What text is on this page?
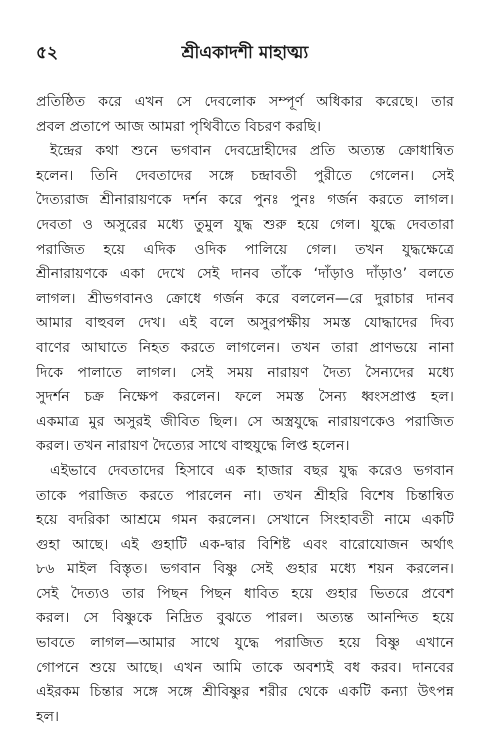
৫২	শ্রীএকাদশী মাহাত্ম্য
প্রতিষ্ঠিত করে এখন সে দেবলোক সম্পূর্ণ অধিকার করেছে। তার
প্রবল প্রতাপে আজ আমরা পৃথিবীতে বিচরণ করছি।
ইন্দ্রের কথা শুনে ভগবান দেবদ্রোহীদের প্রতি অত্যন্ত ক্রোধান্বিত
হলেন। তিনি দেবতাদের সঙ্গে চন্দ্রাবতী পুরীতে গেলেন। সেই
দৈত্যরাজ শ্রীনারায়ণকে দর্শন করে পুনঃ পুনঃ গর্জন করতে লাগল।
দেবতা ও অসুরের মধ্যে তুমুল যুদ্ধ শুরু হয়ে গেল। যুদ্ধে দেবতারা
পরাজিত হয়ে এদিক ওদিক পালিয়ে গেল। তখন যুদ্ধক্ষেত্রে
শ্রীনারায়ণকে একা দেখে সেই দানব তাঁকে ‘দাঁড়াও দাঁড়াও’ বলতে
লাগল। শ্রীভগবানও ক্রোধে গর্জন করে বললেন—রে দুরাচার দানব
আমার বাহুবল দেখ। এই বলে অসুরপক্ষীয় সমস্ত যোদ্ধাদের দিব্য
বাণের আঘাতে নিহত করতে লাগলেন। তখন তারা প্রাণভয়ে নানা
দিকে পালাতে লাগল। সেই সময় নারায়ণ দৈত্য সৈন্যদের মধ্যে
সুদর্শন চক্র নিক্ষেপ করলেন। ফলে সমস্ত সৈন্য ধ্বংসপ্রাপ্ত হল।
একমাত্র মুর অসুরই জীবিত ছিল। সে অস্ত্রযুদ্ধে নারায়ণকেও পরাজিত
করল। তখন নারায়ণ দৈত্যের সাথে বাহুযুদ্ধে লিপ্ত হলেন।
এইভাবে দেবতাদের হিসাবে এক হাজার বছর যুদ্ধ করেও ভগবান
তাকে পরাজিত করতে পারলেন না। তখন শ্রীহরি বিশেষ চিন্তান্বিত
হয়ে বদরিকা আশ্রমে গমন করলেন। সেখানে সিংহাবতী নামে একটি
গুহা আছে। এই গুহাটি এক-দ্বার বিশিষ্ট এবং বারোযোজন অর্থাৎ
৮৬ মাইল বিস্তৃত। ভগবান বিষ্ণু সেই গুহার মধ্যে শয়ন করলেন।
সেই দৈত্যও তার পিছন পিছন ধাবিত হয়ে গুহার ভিতরে প্রবেশ
করল। সে বিষ্ণুকে নিদ্রিত বুঝতে পারল। অত্যন্ত আনন্দিত হয়ে
ভাবতে লাগল—আমার সাথে যুদ্ধে পরাজিত হয়ে বিষ্ণু এখানে
গোপনে শুয়ে আছে। এখন আমি তাকে অবশ্যই বধ করব। দানবের
এইরকম চিন্তার সঙ্গে সঙ্গে শ্রীবিষ্ণুর শরীর থেকে একটি কন্যা উৎপন্ন
হল।
